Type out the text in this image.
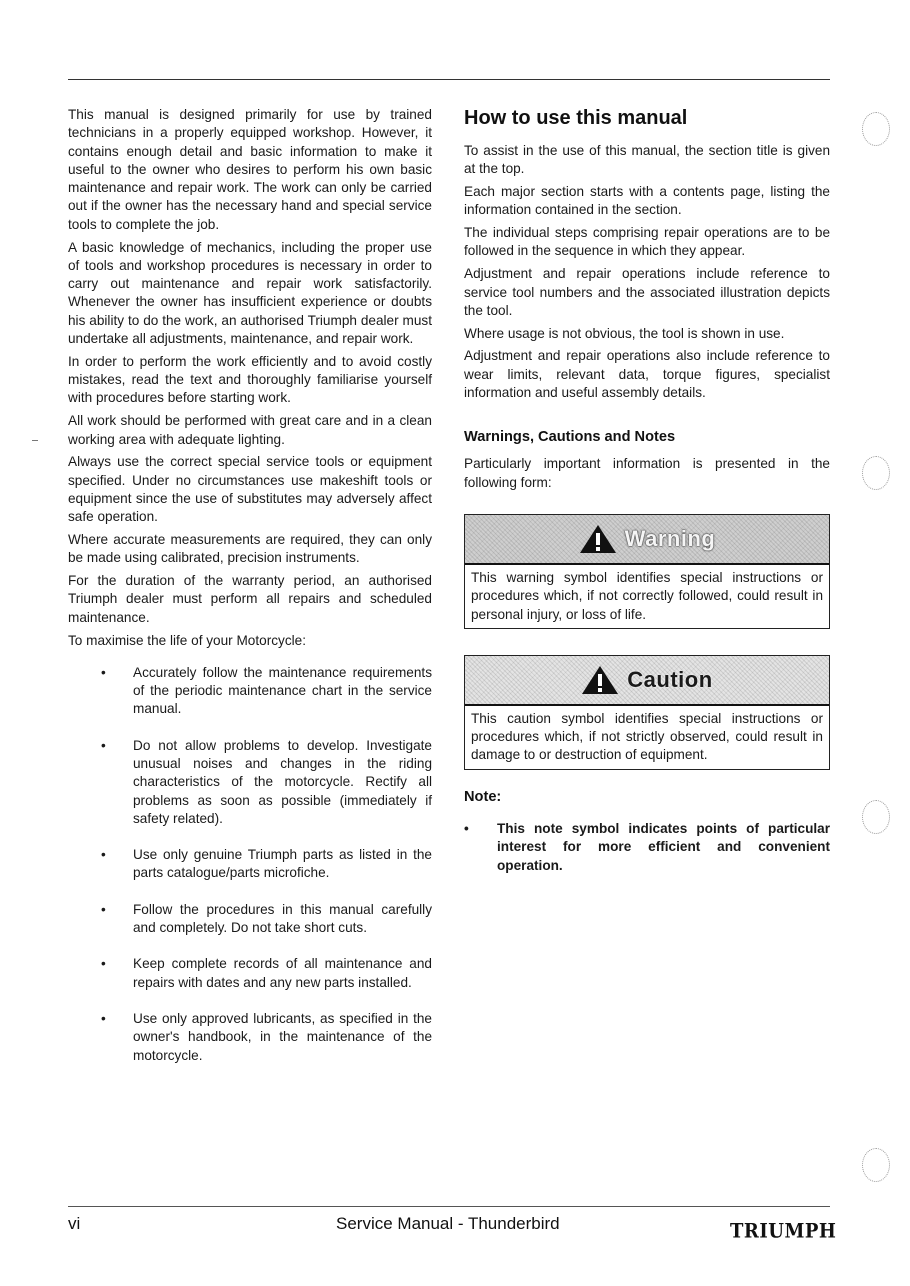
This manual is designed primarily for use by trained technicians in a properly equipped workshop. However, it contains enough detail and basic information to make it useful to the owner who desires to perform his own basic maintenance and repair work. The work can only be carried out if the owner has the necessary hand and special service tools to complete the job.

A basic knowledge of mechanics, including the proper use of tools and workshop procedures is necessary in order to carry out maintenance and repair work satisfactorily. Whenever the owner has insufficient experience or doubts his ability to do the work, an authorised Triumph dealer must undertake all adjustments, maintenance, and repair work.

In order to perform the work efficiently and to avoid costly mistakes, read the text and thoroughly familiarise yourself with procedures before starting work.

All work should be performed with great care and in a clean working area with adequate lighting.

Always use the correct special service tools or equipment specified. Under no circumstances use makeshift tools or equipment since the use of substitutes may adversely affect safe operation.

Where accurate measurements are required, they can only be made using calibrated, precision instruments.

For the duration of the warranty period, an authorised Triumph dealer must perform all repairs and scheduled maintenance.

To maximise the life of your Motorcycle:

• Accurately follow the maintenance requirements of the periodic maintenance chart in the service manual.
• Do not allow problems to develop. Investigate unusual noises and changes in the riding characteristics of the motorcycle. Rectify all problems as soon as possible (immediately if safety related).
• Use only genuine Triumph parts as listed in the parts catalogue/parts microfiche.
• Follow the procedures in this manual carefully and completely. Do not take short cuts.
• Keep complete records of all maintenance and repairs with dates and any new parts installed.
• Use only approved lubricants, as specified in the owner's handbook, in the maintenance of the motorcycle.
How to use this manual

To assist in the use of this manual, the section title is given at the top.

Each major section starts with a contents page, listing the information contained in the section.

The individual steps comprising repair operations are to be followed in the sequence in which they appear.

Adjustment and repair operations include reference to service tool numbers and the associated illustration depicts the tool.

Where usage is not obvious, the tool is shown in use.

Adjustment and repair operations also include reference to wear limits, relevant data, torque figures, specialist information and useful assembly details.

Warnings, Cautions and Notes

Particularly important information is presented in the following form:

Warning
This warning symbol identifies special instructions or procedures which, if not correctly followed, could result in personal injury, or loss of life.
Caution
This caution symbol identifies special instructions or procedures which, if not strictly observed, could result in damage to or destruction of equipment.
Note:
• This note symbol indicates points of particular interest for more efficient and convenient operation.
vi	Service Manual - Thunderbird	TRIUMPH
